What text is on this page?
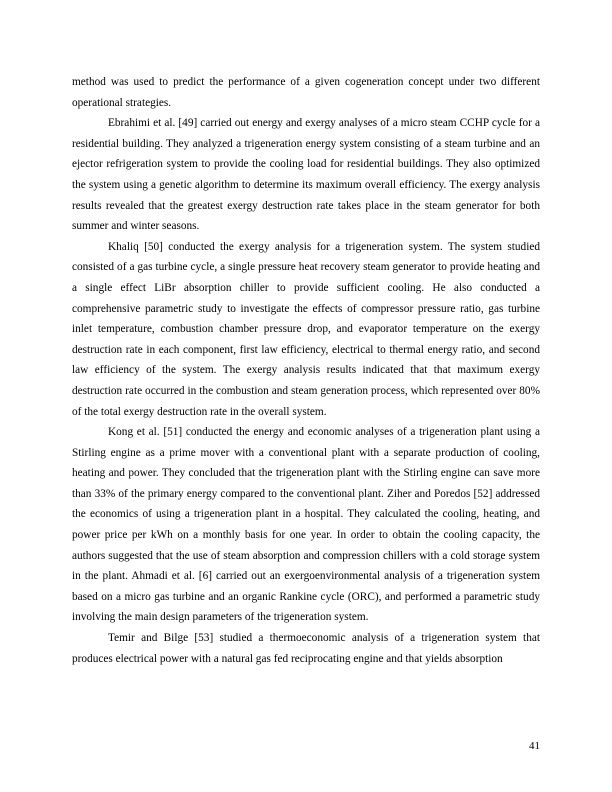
method was used to predict the performance of a given cogeneration concept under two different operational strategies.

Ebrahimi et al. [49] carried out energy and exergy analyses of a micro steam CCHP cycle for a residential building. They analyzed a trigeneration energy system consisting of a steam turbine and an ejector refrigeration system to provide the cooling load for residential buildings. They also optimized the system using a genetic algorithm to determine its maximum overall efficiency. The exergy analysis results revealed that the greatest exergy destruction rate takes place in the steam generator for both summer and winter seasons.

Khaliq [50] conducted the exergy analysis for a trigeneration system. The system studied consisted of a gas turbine cycle, a single pressure heat recovery steam generator to provide heating and a single effect LiBr absorption chiller to provide sufficient cooling. He also conducted a comprehensive parametric study to investigate the effects of compressor pressure ratio, gas turbine inlet temperature, combustion chamber pressure drop, and evaporator temperature on the exergy destruction rate in each component, first law efficiency, electrical to thermal energy ratio, and second law efficiency of the system. The exergy analysis results indicated that that maximum exergy destruction rate occurred in the combustion and steam generation process, which represented over 80% of the total exergy destruction rate in the overall system.

Kong et al. [51] conducted the energy and economic analyses of a trigeneration plant using a Stirling engine as a prime mover with a conventional plant with a separate production of cooling, heating and power. They concluded that the trigeneration plant with the Stirling engine can save more than 33% of the primary energy compared to the conventional plant. Ziher and Poredos [52] addressed the economics of using a trigeneration plant in a hospital. They calculated the cooling, heating, and power price per kWh on a monthly basis for one year. In order to obtain the cooling capacity, the authors suggested that the use of steam absorption and compression chillers with a cold storage system in the plant. Ahmadi et al. [6] carried out an exergoenvironmental analysis of a trigeneration system based on a micro gas turbine and an organic Rankine cycle (ORC), and performed a parametric study involving the main design parameters of the trigeneration system.

Temir and Bilge [53] studied a thermoeconomic analysis of a trigeneration system that produces electrical power with a natural gas fed reciprocating engine and that yields absorption

41
